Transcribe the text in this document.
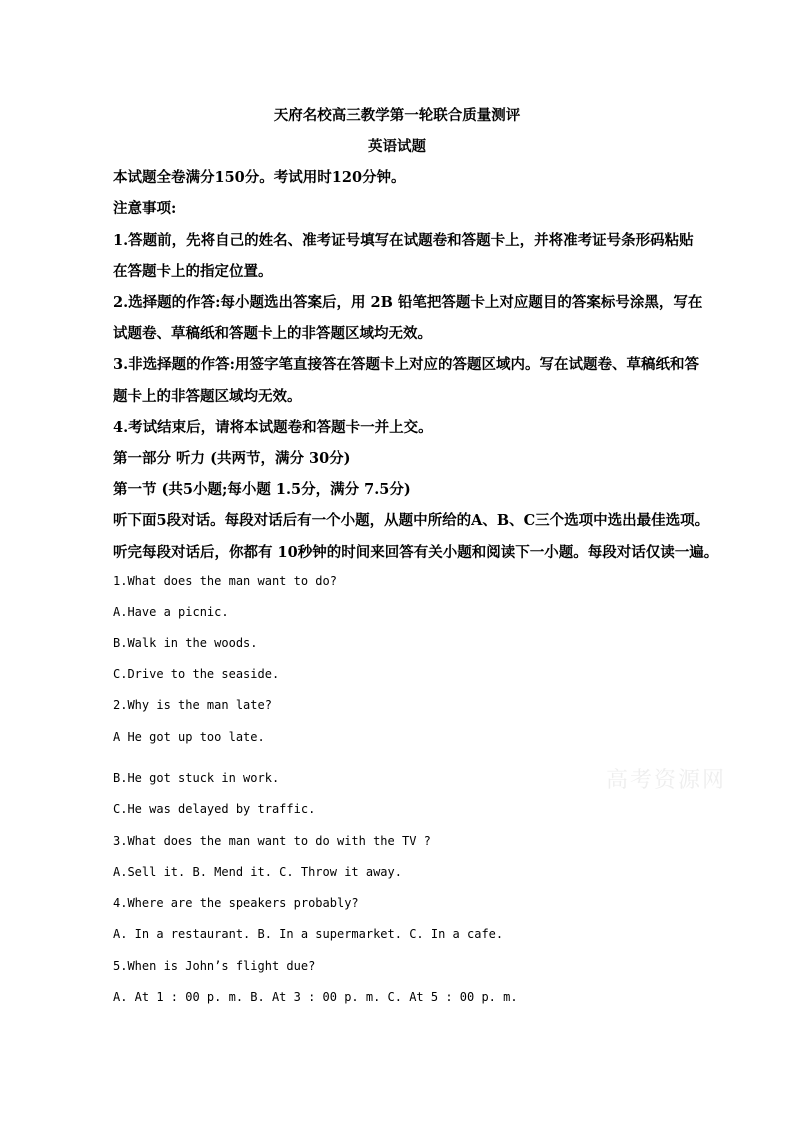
天府名校高三教学第一轮联合质量测评
英语试题
本试题全卷满分150分。考试用时120分钟。
注意事项:
1.答题前，先将自己的姓名、准考证号填写在试题卷和答题卡上，并将准考证号条形码粘贴
在答题卡上的指定位置。
2.选择题的作答:每小题选出答案后，用 2B 铅笔把答题卡上对应题目的答案标号涂黑，写在
试题卷、草稿纸和答题卡上的非答题区域均无效。
3.非选择题的作答:用签字笔直接答在答题卡上对应的答题区域内。写在试题卷、草稿纸和答
题卡上的非答题区域均无效。
4.考试结束后，请将本试题卷和答题卡一并上交。
第一部分 听力 (共两节，满分 30分)
第一节 (共5小题;每小题 1.5分，满分 7.5分)
听下面5段对话。每段对话后有一个小题，从题中所给的A、B、C三个选项中选出最佳选项。
听完每段对话后，你都有 10秒钟的时间来回答有关小题和阅读下一小题。每段对话仅读一遍。
1.What does the man want to do?
A.Have a picnic.
B.Walk in the woods.
C.Drive to the seaside.
2.Why is the man late?
A He got up too late.
B.He got stuck in work.
C.He was delayed by traffic.
3.What does the man want to do with the TV ?
A.Sell it. B. Mend it. C. Throw it away.
4.Where are the speakers probably?
A. In a restaurant. B. In a supermarket. C. In a cafe.
5.When is John’s flight due?
A. At 1 : 00 p. m. B. At 3 : 00 p. m. C. At 5 : 00 p. m.
高考资源网
